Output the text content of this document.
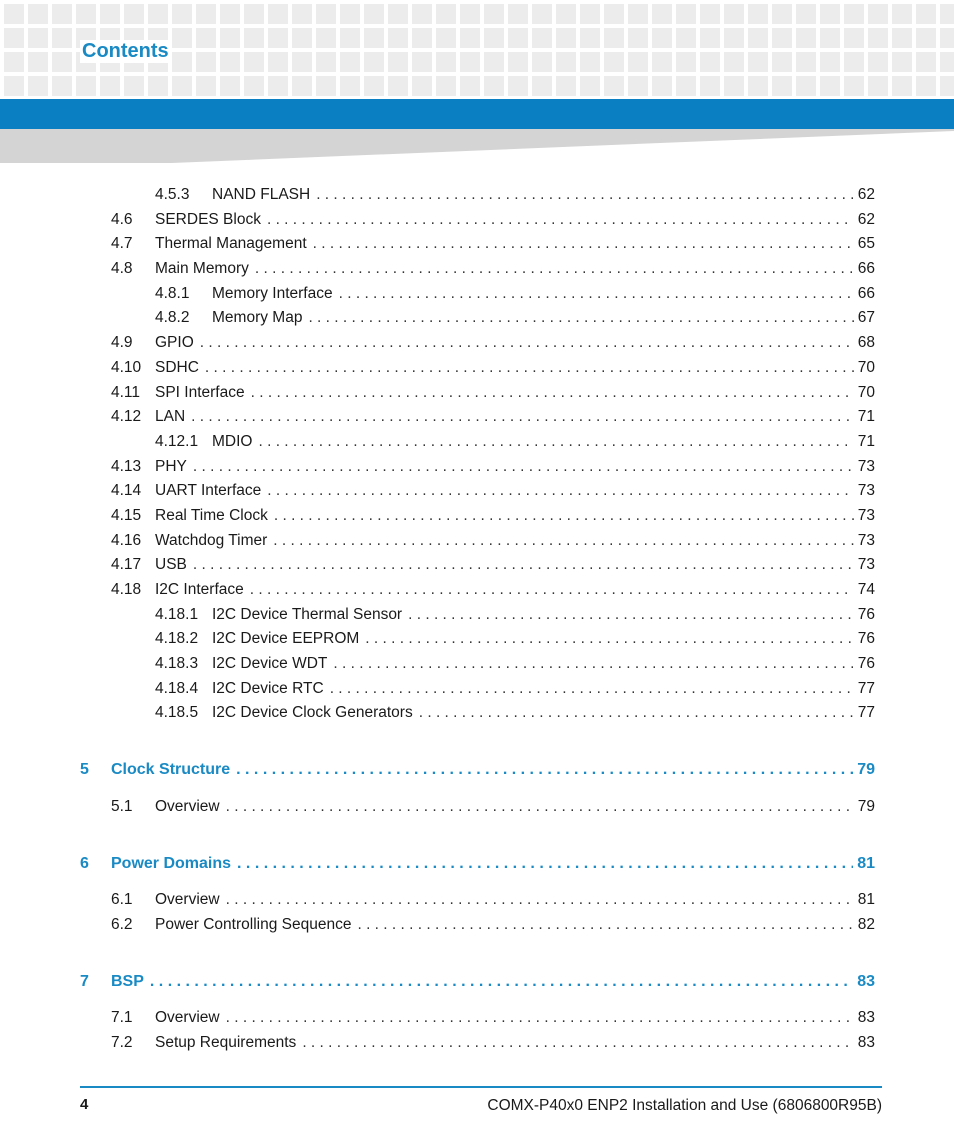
Contents
4.5.3	NAND FLASH . . .	62
4.6	SERDES Block . . .	62
4.7	Thermal Management . . .	65
4.8	Main Memory . . .	66
4.8.1	Memory Interface . . .	66
4.8.2	Memory Map . . .	67
4.9	GPIO . . .	68
4.10 SDHC . . .	70
4.11 SPI Interface . . .	70
4.12 LAN . . .	71
4.12.1 MDIO . . .	71
4.13 PHY . . .	73
4.14 UART Interface . . .	73
4.15 Real Time Clock . . .	73
4.16 Watchdog Timer . . .	73
4.17 USB . . .	73
4.18 I2C Interface . . .	74
4.18.1 I2C Device Thermal Sensor . . .	76
4.18.2 I2C Device EEPROM . . .	76
4.18.3 I2C Device WDT . . .	76
4.18.4 I2C Device RTC . . .	77
4.18.5 I2C Device Clock Generators . . .	77
5	Clock Structure . . .	79
5.1	Overview . . .	79
6	Power Domains . . .	81
6.1	Overview . . .	81
6.2	Power Controlling Sequence . . .	82
7	BSP . . .	83
7.1	Overview . . .	83
7.2	Setup Requirements . . .	83
4	COMX-P40x0 ENP2 Installation and Use (6806800R95B)
